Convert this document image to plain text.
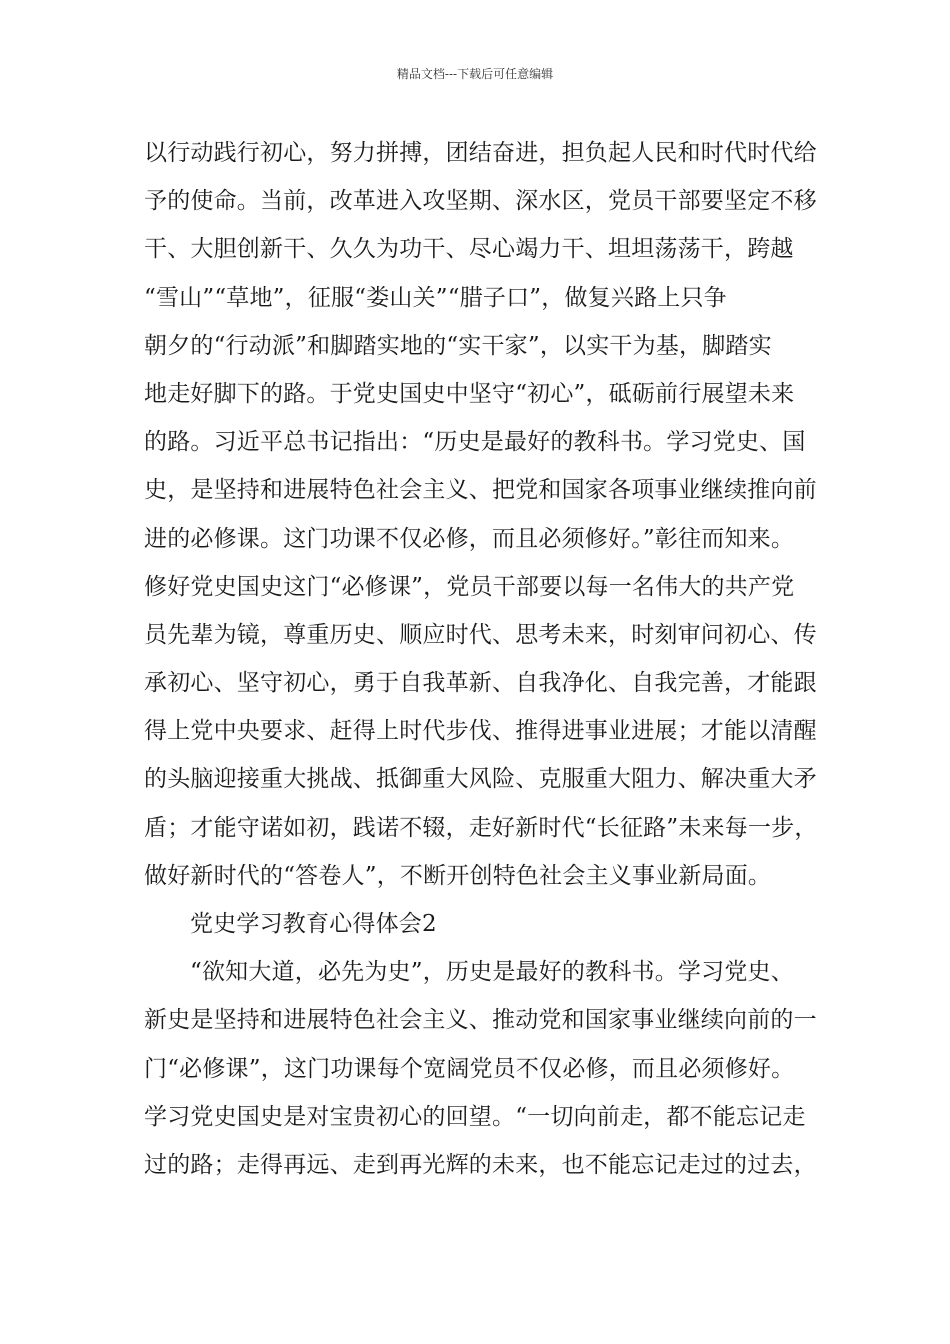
精品文档---下载后可任意编辑
以行动践行初心，努力拼搏，团结奋进，担负起人民和时代时代给
予的使命。当前，改革进入攻坚期、深水区，党员干部要坚定不移
干、大胆创新干、久久为功干、尽心竭力干、坦坦荡荡干，跨越
“雪山”“草地”，征服“娄山关”“腊子口”，做复兴路上只争
朝夕的“行动派”和脚踏实地的“实干家”，以实干为基，脚踏实
地走好脚下的路。于党史国史中坚守“初心”，砥砺前行展望未来
的路。习近平总书记指出：“历史是最好的教科书。学习党史、国
史，是坚持和进展特色社会主义、把党和国家各项事业继续推向前
进的必修课。这门功课不仅必修，而且必须修好。”彰往而知来。
修好党史国史这门“必修课”，党员干部要以每一名伟大的共产党
员先辈为镜，尊重历史、顺应时代、思考未来，时刻审问初心、传
承初心、坚守初心，勇于自我革新、自我净化、自我完善，才能跟
得上党中央要求、赶得上时代步伐、推得进事业进展；才能以清醒
的头脑迎接重大挑战、抵御重大风险、克服重大阻力、解决重大矛
盾；才能守诺如初，践诺不辍，走好新时代“长征路”未来每一步，
做好新时代的“答卷人”，不断开创特色社会主义事业新局面。
党史学习教育心得体会2
“欲知大道，必先为史”，历史是最好的教科书。学习党史、
新史是坚持和进展特色社会主义、推动党和国家事业继续向前的一
门“必修课”，这门功课每个宽阔党员不仅必修，而且必须修好。
学习党史国史是对宝贵初心的回望。“一切向前走，都不能忘记走
过的路；走得再远、走到再光辉的未来，也不能忘记走过的过去，
